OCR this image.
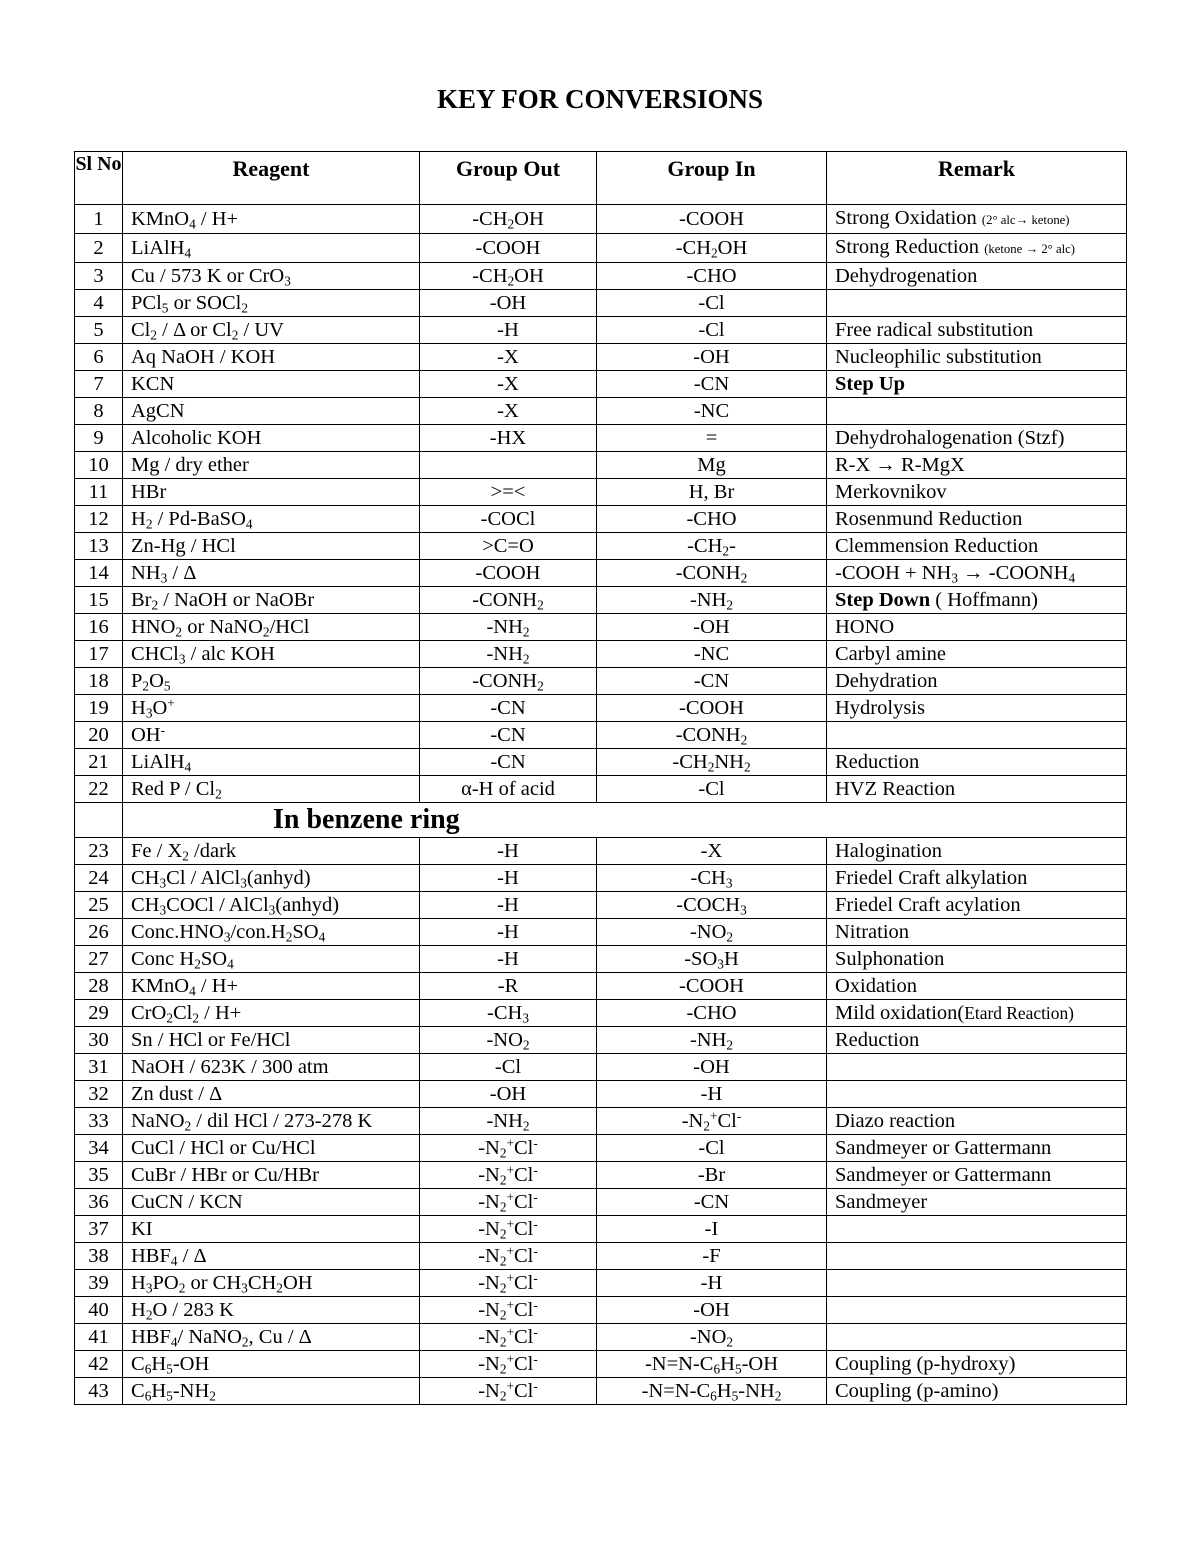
KEY FOR CONVERSIONS
Sl No	Reagent	Group Out	Group In	Remark
1	KMnO$_4$ / H+	$-CH_2OH$	-COOH	Strong Oxidation (2° alc→ ketone)
2	LiAlH$_4$	-COOH	$-CH_2OH$	Strong Reduction (ketone → 2° alc)
3	Cu / 573 K or CrO$_3$	$-CH_2OH$	-CHO	Dehydrogenation
4	PCl$_5$ or SOCl$_2$	-OH	-Cl	
5	$Cl_2$ / Δ or $Cl_2$ / UV	-H	-Cl	Free radical substitution
6	Aq NaOH / KOH	-X	-OH	Nucleophilic substitution
7	KCN	-X	-CN	Step Up
8	AgCN	-X	-NC	
9	Alcoholic KOH	-HX	=	Dehydrohalogenation (Stzf)
10	Mg / dry ether		Mg	R-X → R-MgX
11	HBr	>=<	H, Br	Merkovnikov
12	$H_2$ / Pd-BaSO$_4$	-COCl	-CHO	Rosenmund Reduction
13	Zn-Hg / HCl	>C=O	$-CH_2-$	Clemmension Reduction
14	$NH_3$ / Δ	-COOH	$-CONH_2$	-COOH + $NH_3$ → $-COONH_4$
15	$Br_2$ / NaOH or NaOBr	$-CONH_2$	$-NH_2$	Step Down ( Hoffmann)
16	$HNO_2$ or NaNO$_2$/HCl	$-NH_2$	-OH	HONO
17	CHCl$_3$ / alc KOH	$-NH_2$	-NC	Carbyl amine
18	$P_2O_5$	$-CONH_2$	-CN	Dehydration
19	$H_3O^+$	-CN	-COOH	Hydrolysis
20	OH-	-CN	$-CONH_2$	
21	LiAlH$_4$	-CN	$-CH_2NH_2$	Reduction
22	Red P / $Cl_2$	α-H of acid	-Cl	HVZ Reaction
	In benzene ring			
23	Fe / $X_2$ /dark	-H	-X	Halogination
24	$CH_3Cl$ / AlCl$_3$(anhyd)	-H	$-CH_3$	Friedel Craft alkylation
25	$CH_3COCl$ / AlCl$_3$(anhyd)	-H	$-COCH_3$	Friedel Craft acylation
26	$Conc.HNO_3/con.H_2SO_4$	-H	$-NO_2$	Nitration
27	Conc $H_2SO_4$	-H	$-SO_3H$	Sulphonation
28	KMnO$_4$ / H+	-R	-COOH	Oxidation
29	$CrO_2Cl_2 / H+$	$-CH_3$	-CHO	Mild oxidation(Etard Reaction)
30	Sn / HCl or Fe/HCl	$-NO_2$	$-NH_2$	Reduction
31	NaOH / 623K / 300 atm	-Cl	-OH	
32	Zn dust / Δ	-OH	-H	
33	NaNO$_2$ / dil HCl / 273-278 K	$-NH_2$	$-N_2^+Cl^-$	Diazo reaction
34	CuCl / HCl or Cu/HCl	$-N_2^+Cl^-$	-Cl	Sandmeyer or Gattermann
35	CuBr / HBr or Cu/HBr	$-N_2^+Cl^-$	-Br	Sandmeyer or Gattermann
36	CuCN / KCN	$-N_2^+Cl^-$	-CN	Sandmeyer
37	KI	$-N_2^+Cl^-$	-I	
38	$HBF_4$ / Δ	$-N_2^+Cl^-$	-F	
39	$H_3PO_2$ or $CH_3CH_2OH$	$-N_2^+Cl^-$	-H	
40	$H_2O / 283$ K	$-N_2^+Cl^-$	-OH	
41	$HBF_4/$ NaNO$_2$, Cu / Δ	$-N_2^+Cl^-$	$-NO_2$	
42	$C_6H_5-OH$	$-N_2^+Cl^-$	$-N=N-C_6H_5-OH$	Coupling (p-hydroxy)
43	$C_6H_5-NH_2$	$-N_2^+Cl^-$	$-N=N-C_6H_5-NH_2$	Coupling (p-amino)
